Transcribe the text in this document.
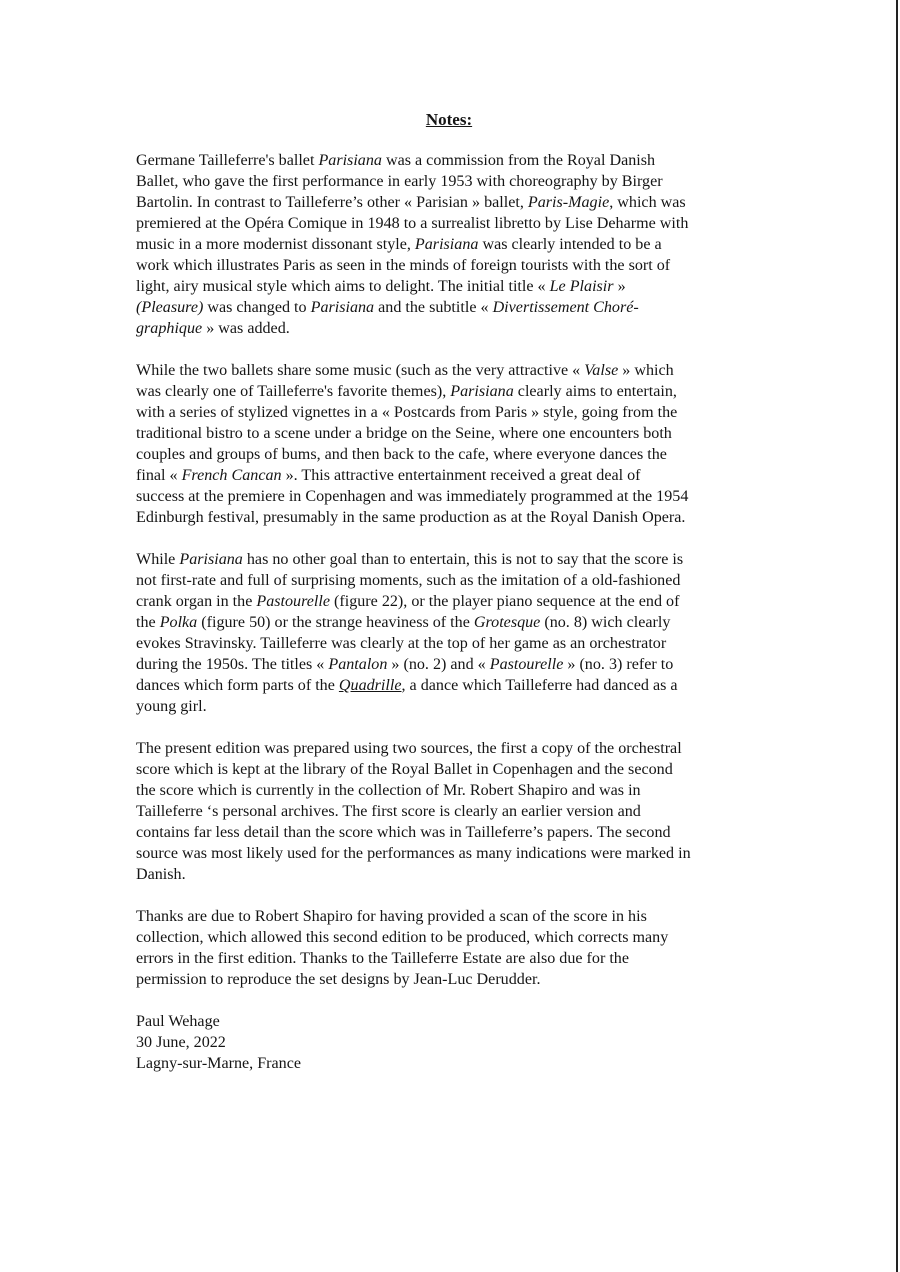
Notes:
Germane Tailleferre's ballet Parisiana was a commission from the Royal Danish
Ballet, who gave the first performance in early 1953 with choreography by Birger
Bartolin. In contrast to Tailleferre’s other « Parisian » ballet, Paris-Magie, which was
premiered at the Opéra Comique in 1948 to a surrealist libretto by Lise Deharme with
music in a more modernist dissonant style, Parisiana was clearly intended to be a
work which illustrates Paris as seen in the minds of foreign tourists with the sort of
light, airy musical style which aims to delight. The initial title « Le Plaisir »
(Pleasure) was changed to Parisiana and the subtitle « Divertissement Choré-
graphique » was added.
While the two ballets share some music (such as the very attractive « Valse » which
was clearly one of Tailleferre's favorite themes), Parisiana clearly aims to entertain,
with a series of stylized vignettes in a « Postcards from Paris » style, going from the
traditional bistro to a scene under a bridge on the Seine, where one encounters both
couples and groups of bums, and then back to the cafe, where everyone dances the
final « French Cancan ». This attractive entertainment received a great deal of
success at the premiere in Copenhagen and was immediately programmed at the 1954
Edinburgh festival, presumably in the same production as at the Royal Danish Opera.
While Parisiana has no other goal than to entertain, this is not to say that the score is
not first-rate and full of surprising moments, such as the imitation of a old-fashioned
crank organ in the Pastourelle (figure 22), or the player piano sequence at the end of
the Polka (figure 50) or the strange heaviness of the Grotesque (no. 8) wich clearly
evokes Stravinsky. Tailleferre was clearly at the top of her game as an orchestrator
during the 1950s. The titles « Pantalon » (no. 2) and « Pastourelle » (no. 3) refer to
dances which form parts of the Quadrille, a dance which Tailleferre had danced as a
young girl.
The present edition was prepared using two sources, the first a copy of the orchestral
score which is kept at the library of the Royal Ballet in Copenhagen and the second
the score which is currently in the collection of Mr. Robert Shapiro and was in
Tailleferre ‘s personal archives. The first score is clearly an earlier version and
contains far less detail than the score which was in Tailleferre’s papers. The second
source was most likely used for the performances as many indications were marked in
Danish.
Thanks are due to Robert Shapiro for having provided a scan of the score in his
collection, which allowed this second edition to be produced, which corrects many
errors in the first edition. Thanks to the Tailleferre Estate are also due for the
permission to reproduce the set designs by Jean-Luc Derudder.

Paul Wehage

30 June, 2022

Lagny-sur-Marne, France
